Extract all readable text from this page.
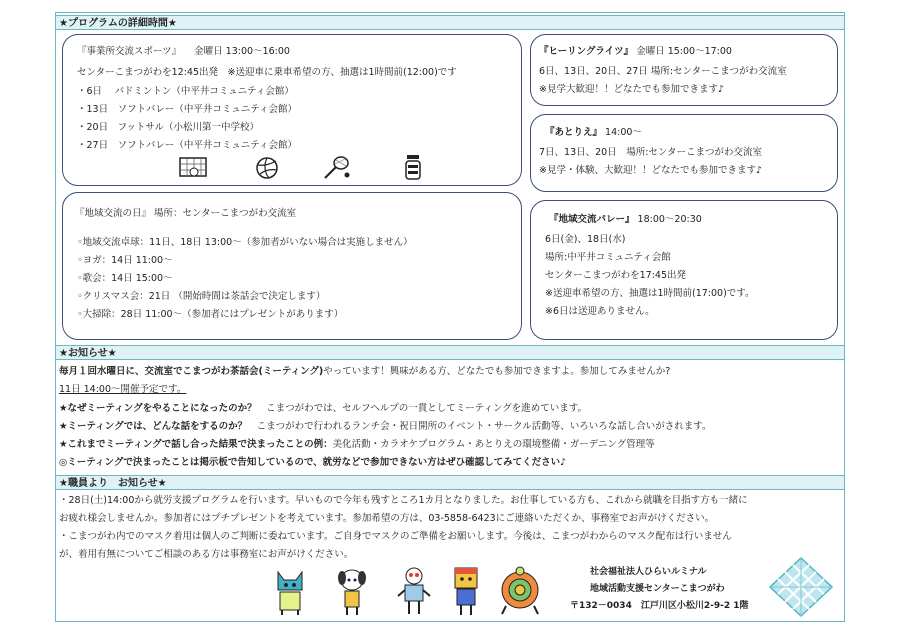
★プログラムの詳細時間★
『事業所交流スポーツ』 金曜日 13:00～16:00
センターこまつがわを12:45出発　※送迎車に乗車希望の方、抽選は1時間前(12:00)です
・6日　 バドミントン（中平井コミュニティ会館）
・13日　ソフトバレー（中平井コミュニティ会館）
・20日　フットサル（小松川第一中学校）
・27日　ソフトバレー（中平井コミュニティ会館）
『ヒーリングライツ』 金曜日 15:00～17:00
6日、13日、20日、27日 場所:センターこまつがわ交流室
※見学大歓迎！！どなたでも参加できます♪
『あとりえ』 14:00～
7日、13日、20日　場所:センターこまつがわ交流室
※見学・体験、大歓迎！！どなたでも参加できます♪
『地域交流の日』 場所：センターこまつがわ交流室
◦地域交流卓球：11日、18日 13:00～（参加者がいない場合は実施しません）
◦ヨガ：14日 11:00～
◦歌会：14日 15:00～
◦クリスマス会：21日 （開始時間は茶話会で決定します）
◦大掃除：28日 11:00～（参加者にはプレゼントがあります）
『地域交流バレー』 18:00～20:30
6日(金)、18日(水)
場所:中平井コミュニティ会館
センターこまつがわを17:45出発
※送迎車希望の方、抽選は1時間前(17:00)です。
※6日は送迎ありません。
★お知らせ★
毎月１回水曜日に、交流室でこまつがわ茶話会(ミーティング)やっています！興味がある方、どなたでも参加できますよ。参加してみませんか?
11日 14:00～開催予定です。
★なぜミーティングをやることになったのか？　こまつがわでは、セルフヘルプの一貫としてミーティングを進めています。
★ミーティングでは、どんな話をするのか？　こまつがわで行われるランチ会・祝日開所のイベント・サークル活動等、いろいろな話し合いがされます。
★これまでミーティングで話し合った結果で決まったことの例：美化活動・カラオケプログラム・あとりえの環境整備・ガーデニング管理等
◎ミーティングで決まったことは掲示板で告知しているので、就労などで参加できない方はぜひ確認してみてください♪
★職員より　お知らせ★
・28日(土)14:00から就労支援プログラムを行います。早いもので今年も残すところ1カ月となりました。お仕事している方も、これから就職を目指す方も一緒に
お疲れ様会しませんか。参加者にはプチプレゼントを考えています。参加希望の方は、03-5858-6423にご連絡いただくか、事務室でお声がけください。
・こまつがわ内でのマスク着用は個人のご判断に委ねています。ご自身でマスクのご準備をお願いします。今後は、こまつがわからのマスク配布は行いません
が、着用有無についてご相談のある方は事務室にお声がけください。
社会福祉法人ひらいルミナル
地域活動支援センターこまつがわ
〒132－0034　江戸川区小松川2-9-2 1階
